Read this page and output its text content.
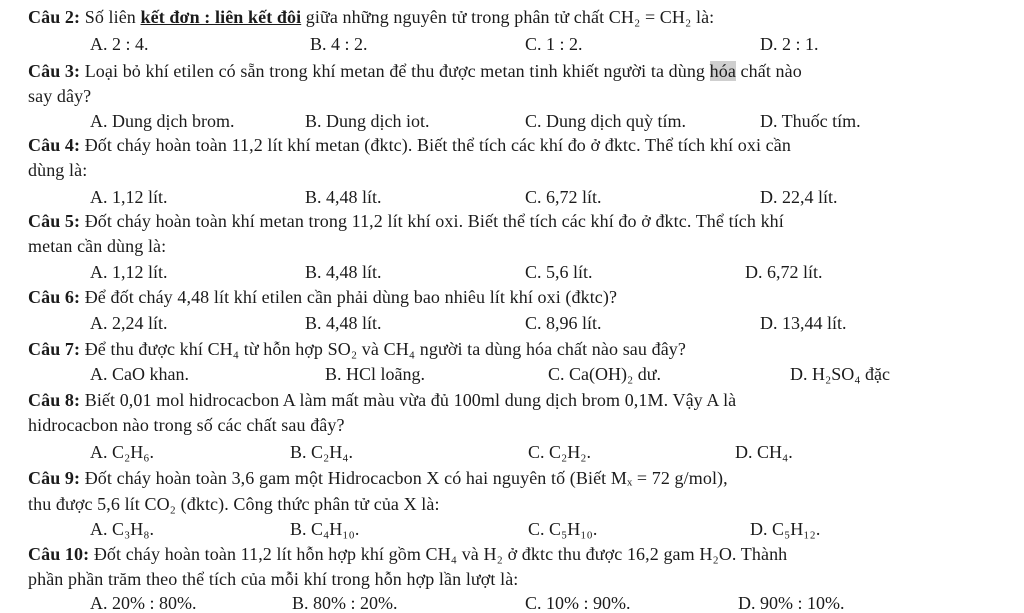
Câu 2: Số liên kết đơn : liên kết đôi giữa những nguyên tử trong phân tử chất CH₂ = CH₂ là:
A. 2 : 4.	B. 4 : 2.	C. 1 : 2.	D. 2 : 1.
Câu 3: Loại bỏ khí etilen có sẵn trong khí metan để thu được metan tinh khiết người ta dùng hóa chất nào
say dây?
A. Dung dịch brom.	B. Dung dịch iot.	C. Dung dịch quỳ tím.	D. Thuốc tím.
Câu 4: Đốt cháy hoàn toàn 11,2 lít khí metan (đktc). Biết thể tích các khí đo ở đktc. Thể tích khí oxi cần
dùng là:
A. 1,12 lít.	B. 4,48 lít.	C. 6,72 lít.	D. 22,4 lít.
Câu 5: Đốt cháy hoàn toàn khí metan trong 11,2 lít khí oxi. Biết thể tích các khí đo ở đktc. Thể tích khí
metan cần dùng là:
A. 1,12 lít.	B. 4,48 lít.	C. 5,6 lít.	D. 6,72 lít.
Câu 6: Để đốt cháy 4,48 lít khí etilen cần phải dùng bao nhiêu lít khí oxi (đktc)?
A. 2,24 lít.	B. 4,48 lít.	C. 8,96 lít.	D. 13,44 lít.
Câu 7: Để thu được khí CH₄ từ hỗn hợp SO₂ và CH₄ người ta dùng hóa chất nào sau đây?
A. CaO khan.	B. HCl loãng.	C. Ca(OH)₂ dư.	D. H₂SO₄ đặc
Câu 8: Biết 0,01 mol hidrocacbon A làm mất màu vừa đủ 100ml dung dịch brom 0,1M. Vậy A là
hidrocacbon nào trong số các chất sau đây?
A. C₂H₆.	B. C₂H₄.	C. C₂H₂.	D. CH₄.
Câu 9: Đốt cháy hoàn toàn 3,6 gam một Hidrocacbon X có hai nguyên tố (Biết Mₓ = 72 g/mol),
thu được 5,6 lít CO₂ (đktc). Công thức phân tử của X là:
A. C₃H₈.	B. C₄H₁₀.	C. C₅H₁₀.	D. C₅H₁₂.
Câu 10: Đốt cháy hoàn toàn 11,2 lít hỗn hợp khí gồm CH₄ và H₂ ở đktc thu được 16,2 gam H₂O. Thành
phần phần trăm theo thể tích của mỗi khí trong hỗn hợp lần lượt là:
A. 20% : 80%.	B. 80% : 20%.	C. 10% : 90%.	D. 90% : 10%.
